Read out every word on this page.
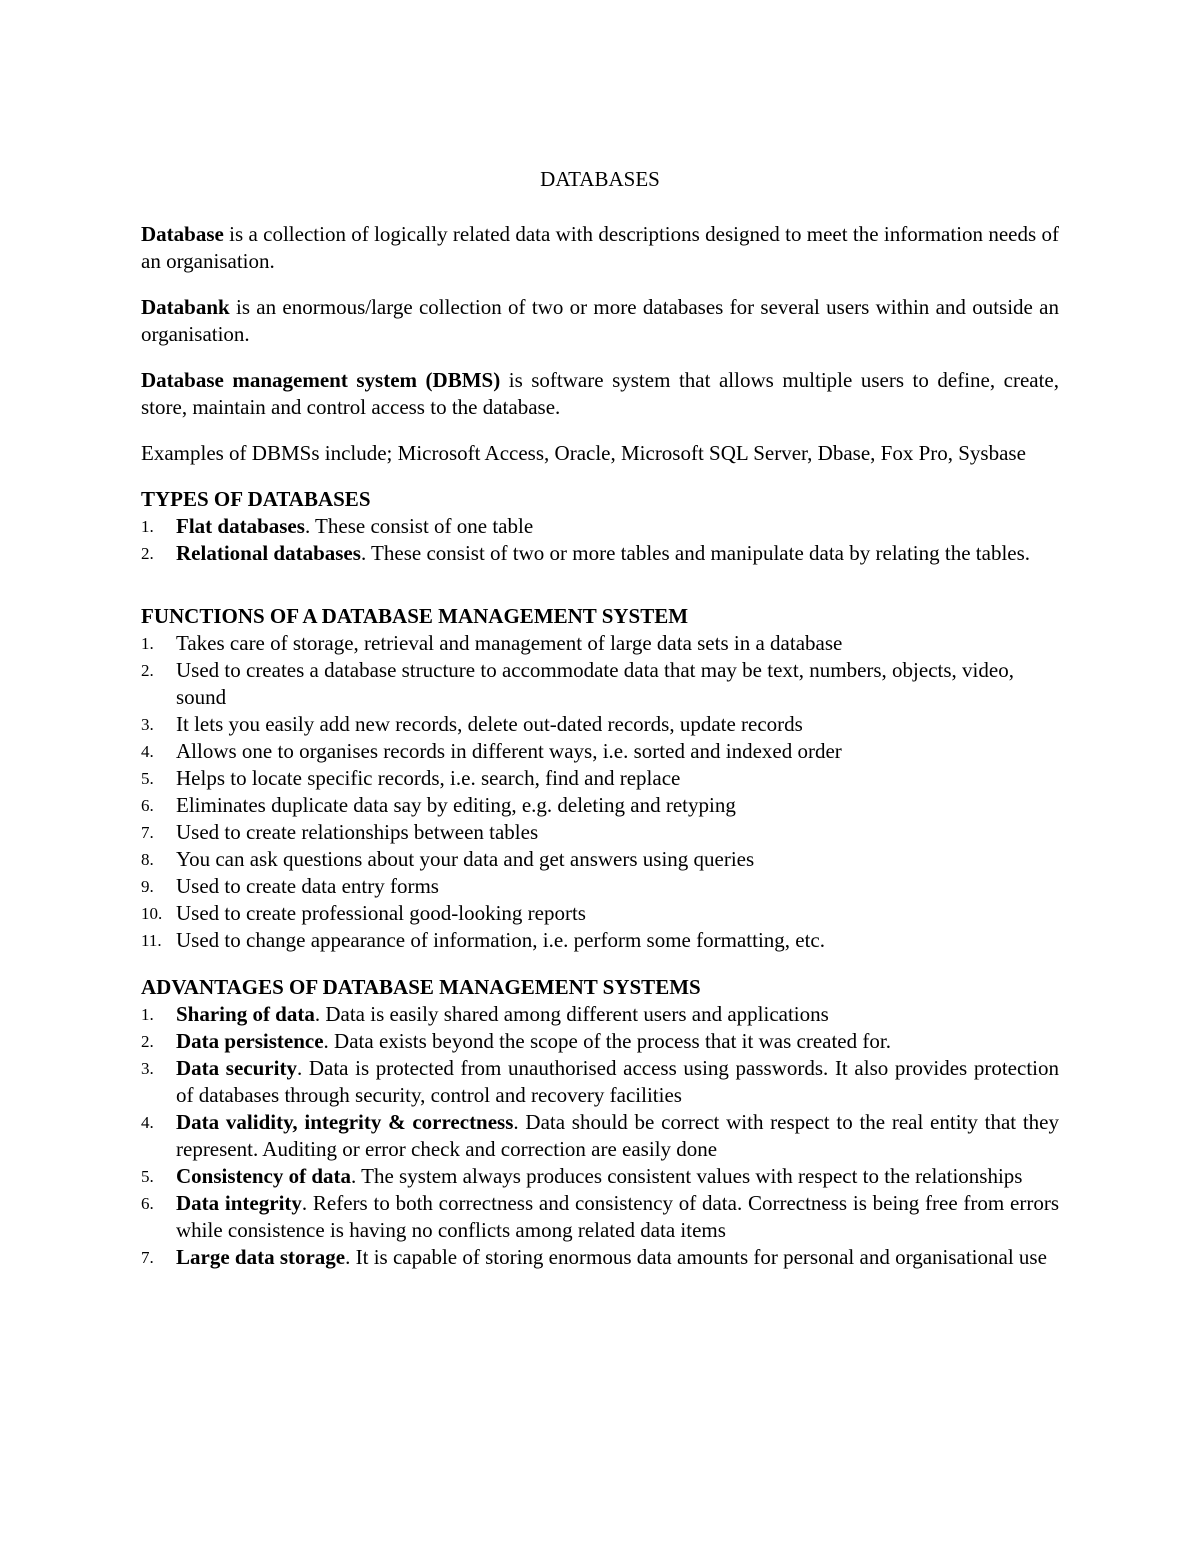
DATABASES

Database is a collection of logically related data with descriptions designed to meet the information needs of an organisation.

Databank is an enormous/large collection of two or more databases for several users within and outside an organisation.

Database management system (DBMS) is software system that allows multiple users to define, create, store, maintain and control access to the database.

Examples of DBMSs include; Microsoft Access, Oracle, Microsoft SQL Server, Dbase, Fox Pro, Sysbase

TYPES OF DATABASES
1. Flat databases. These consist of one table
2. Relational databases. These consist of two or more tables and manipulate data by relating the tables.
FUNCTIONS OF A DATABASE MANAGEMENT SYSTEM
1. Takes care of storage, retrieval and management of large data sets in a database
2. Used to creates a database structure to accommodate data that may be text, numbers, objects, video, sound
3. It lets you easily add new records, delete out-dated records, update records
4. Allows one to organises records in different ways, i.e. sorted and indexed order
5. Helps to locate specific records, i.e. search, find and replace
6. Eliminates duplicate data say by editing, e.g. deleting and retyping
7. Used to create relationships between tables
8. You can ask questions about your data and get answers using queries
9. Used to create data entry forms
10. Used to create professional good-looking reports
11. Used to change appearance of information, i.e. perform some formatting, etc.
ADVANTAGES OF DATABASE MANAGEMENT SYSTEMS
1. Sharing of data. Data is easily shared among different users and applications
2. Data persistence. Data exists beyond the scope of the process that it was created for.
3. Data security. Data is protected from unauthorised access using passwords. It also provides protection of databases through security, control and recovery facilities
4. Data validity, integrity & correctness. Data should be correct with respect to the real entity that they represent. Auditing or error check and correction are easily done
5. Consistency of data. The system always produces consistent values with respect to the relationships
6. Data integrity. Refers to both correctness and consistency of data. Correctness is being free from errors while consistence is having no conflicts among related data items
7. Large data storage. It is capable of storing enormous data amounts for personal and organisational use
